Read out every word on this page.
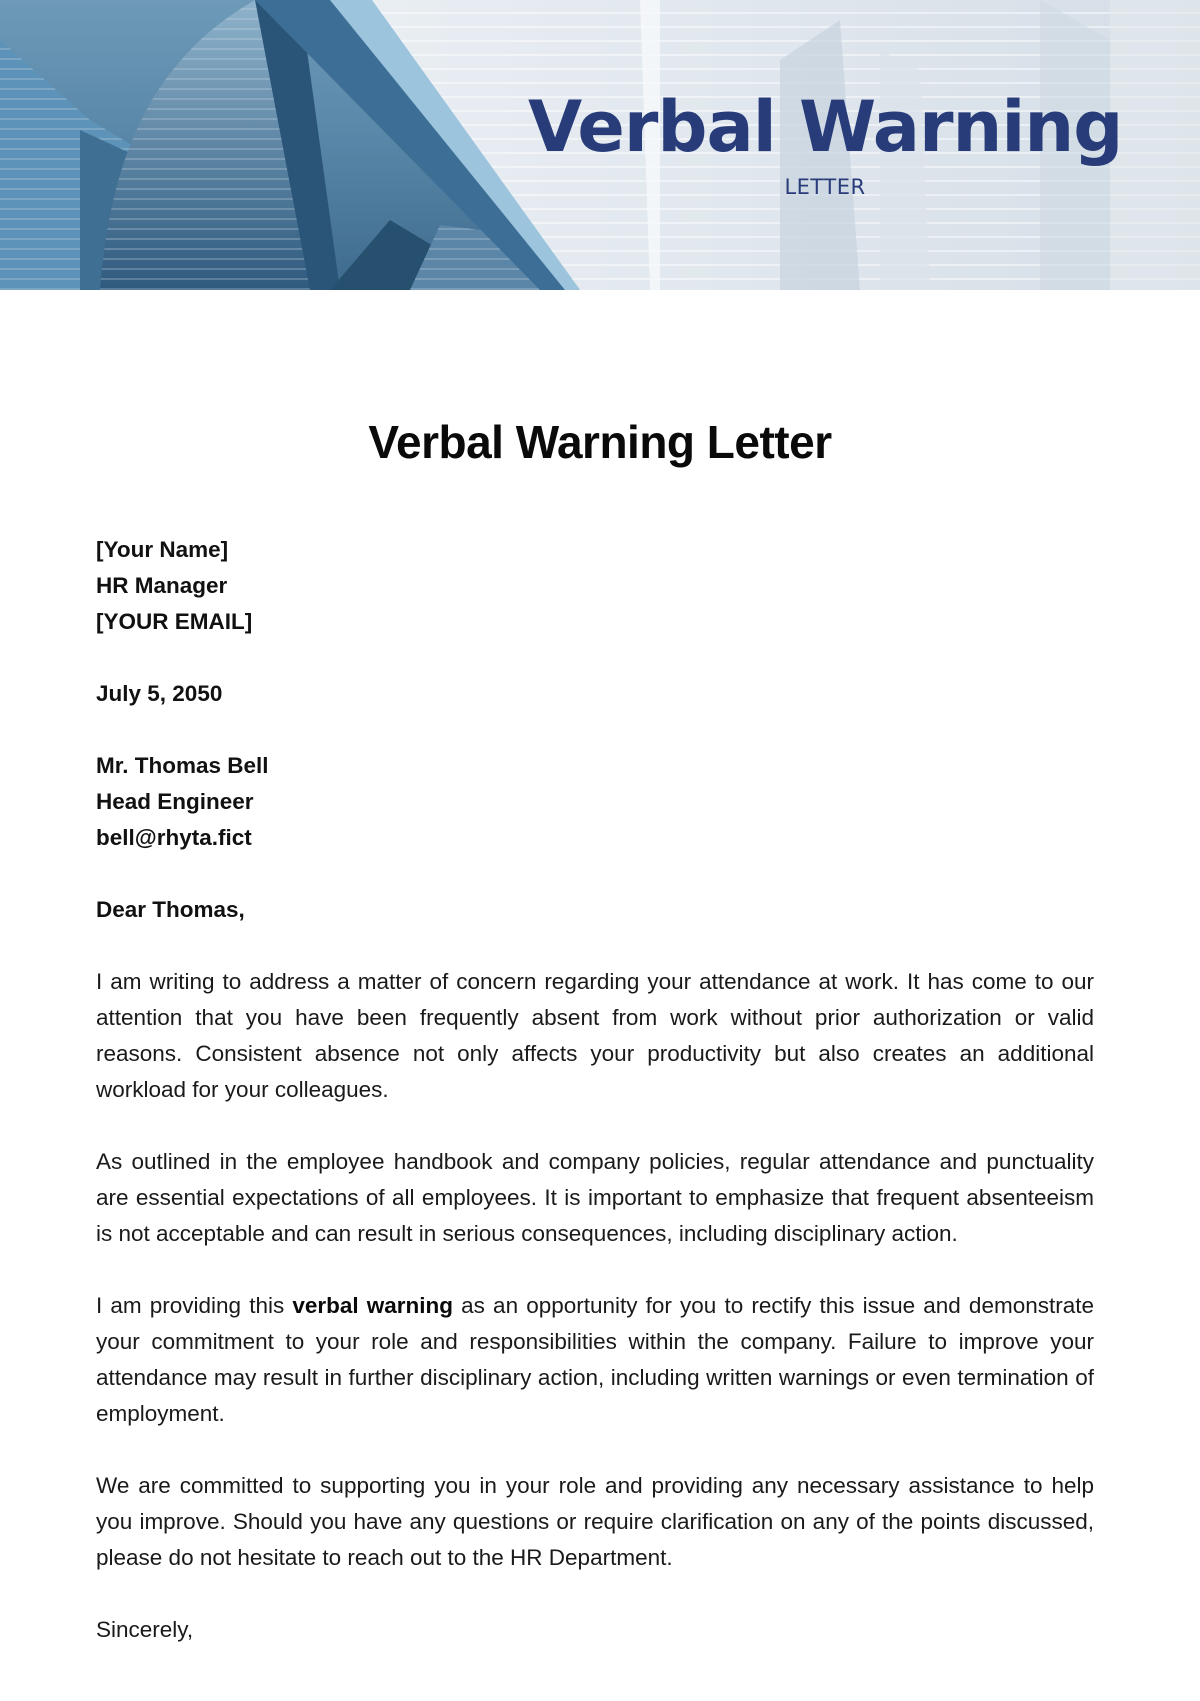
Verbal Warning
LETTER
Verbal Warning Letter
[Your Name]
HR Manager
[YOUR EMAIL]
July 5, 2050
Mr. Thomas Bell
Head Engineer
bell@rhyta.fict
Dear Thomas,

I am writing to address a matter of concern regarding your attendance at work. It has come to our attention that you have been frequently absent from work without prior authorization or valid reasons. Consistent absence not only affects your productivity but also creates an additional workload for your colleagues.

As outlined in the employee handbook and company policies, regular attendance and punctuality are essential expectations of all employees. It is important to emphasize that frequent absenteeism is not acceptable and can result in serious consequences, including disciplinary action.

I am providing this verbal warning as an opportunity for you to rectify this issue and demonstrate your commitment to your role and responsibilities within the company. Failure to improve your attendance may result in further disciplinary action, including written warnings or even termination of employment.

We are committed to supporting you in your role and providing any necessary assistance to help you improve. Should you have any questions or require clarification on any of the points discussed, please do not hesitate to reach out to the HR Department.

Sincerely,
